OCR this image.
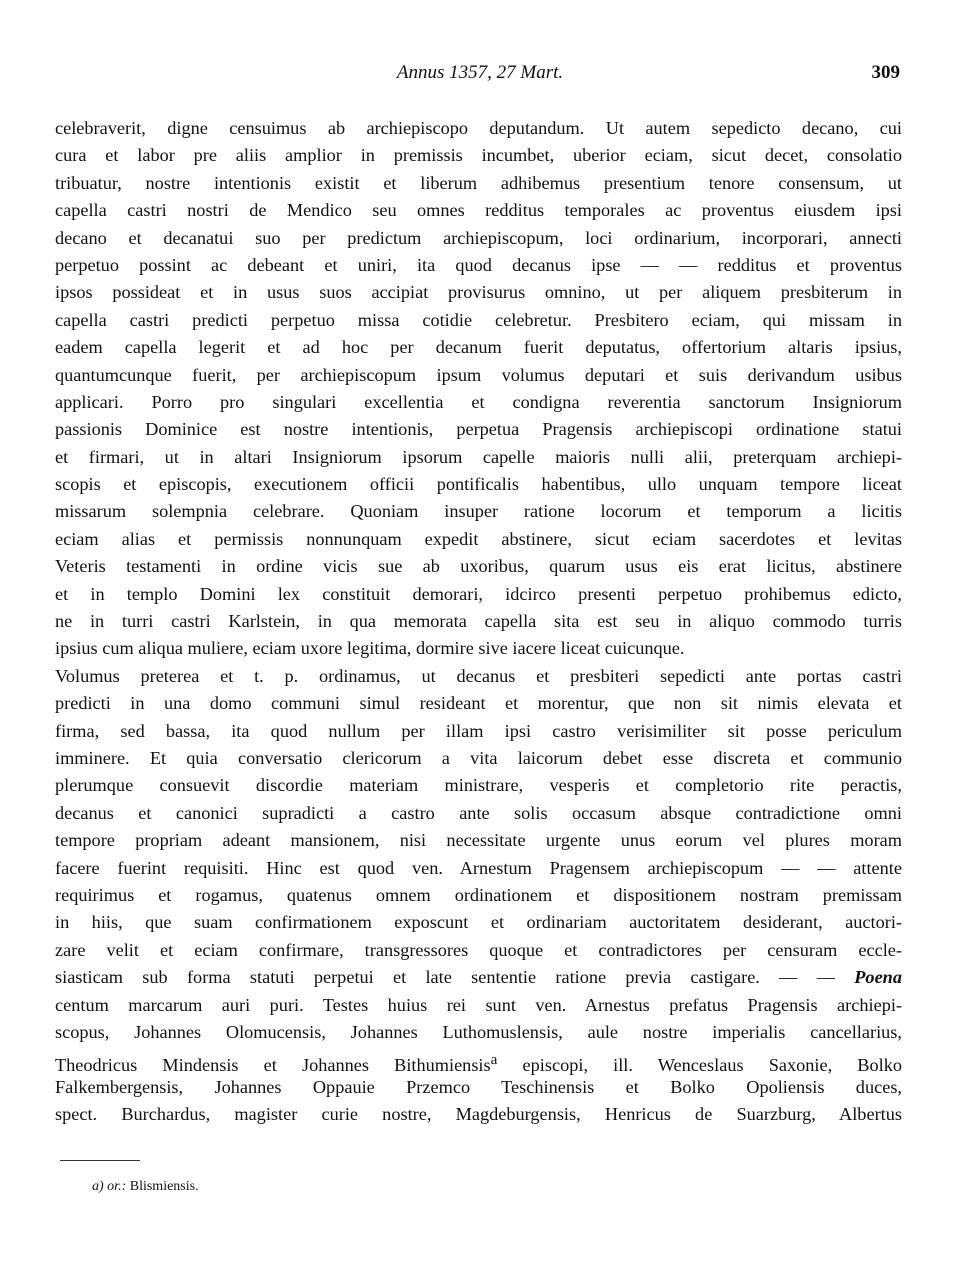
Annus 1357, 27 Mart.	309
celebraverit, digne censuimus ab archiepiscopo deputandum. Ut autem sepedicto decano, cui
cura et labor pre aliis amplior in premissis incumbet, uberior eciam, sicut decet, consolatio
tribuatur, nostre intentionis existit et liberum adhibemus presentium tenore consensum, ut
capella castri nostri de Mendico seu omnes redditus temporales ac proventus eiusdem ipsi
decano et decanatui suo per predictum archiepiscopum, loci ordinarium, incorporari, annecti
perpetuo possint ac debeant et uniri, ita quod decanus ipse — — redditus et proventus
ipsos possideat et in usus suos accipiat provisurus omnino, ut per aliquem presbiterum in
capella castri predicti perpetuo missa cotidie celebretur. Presbitero eciam, qui missam in
eadem capella legerit et ad hoc per decanum fuerit deputatus, offertorium altaris ipsius,
quantumcunque fuerit, per archiepiscopum ipsum volumus deputari et suis derivandum usibus
applicari. Porro pro singulari excellentia et condigna reverentia sanctorum Insigniorum
passionis Dominice est nostre intentionis, perpetua Pragensis archiepiscopi ordinatione statui
et firmari, ut in altari Insigniorum ipsorum capelle maioris nulli alii, preterquam archiepi-
scopis et episcopis, executionem officii pontificalis habentibus, ullo unquam tempore liceat
missarum solempnia celebrare. Quoniam insuper ratione locorum et temporum a licitis
eciam alias et permissis nonnunquam expedit abstinere, sicut eciam sacerdotes et levitas
Veteris testamenti in ordine vicis sue ab uxoribus, quarum usus eis erat licitus, abstinere
et in templo Domini lex constituit demorari, idcirco presenti perpetuo prohibemus edicto,
ne in turri castri Karlstein, in qua memorata capella sita est seu in aliquo commodo turris
ipsius cum aliqua muliere, eciam uxore legitima, dormire sive iacere liceat cuicunque.
Volumus preterea et t. p. ordinamus, ut decanus et presbiteri sepedicti ante portas castri
predicti in una domo communi simul resideant et morentur, que non sit nimis elevata et
firma, sed bassa, ita quod nullum per illam ipsi castro verisimiliter sit posse periculum
imminere. Et quia conversatio clericorum a vita laicorum debet esse discreta et communio
plerumque consuevit discordie materiam ministrare, vesperis et completorio rite peractis,
decanus et canonici supradicti a castro ante solis occasum absque contradictione omni
tempore propriam adeant mansionem, nisi necessitate urgente unus eorum vel plures moram
facere fuerint requisiti. Hinc est quod ven. Arnestum Pragensem archiepiscopum — — attente
requirimus et rogamus, quatenus omnem ordinationem et dispositionem nostram premissam
in hiis, que suam confirmationem exposcunt et ordinariam auctoritatem desiderant, auctori-
zare velit et eciam confirmare, transgressores quoque et contradictores per censuram eccle-
siasticam sub forma statuti perpetui et late sententie ratione previa castigare. — — Poena
centum marcarum auri puri. Testes huius rei sunt ven. Arnestus prefatus Pragensis archiepi-
scopus, Johannes Olomucensis, Johannes Luthomuslensis, aule nostre imperialis cancellarius,
Theodricus Mindensis et Johannes Bithumiensis$^a$ episcopi, ill. Wenceslaus Saxonie, Bolko
Falkembergensis, Johannes Oppauie Przemco Teschinensis et Bolko Opoliensis duces,
spect. Burchardus, magister curie nostre, Magdeburgensis, Henricus de Suarzburg, Albertus
a) or.: Blismiensis.
